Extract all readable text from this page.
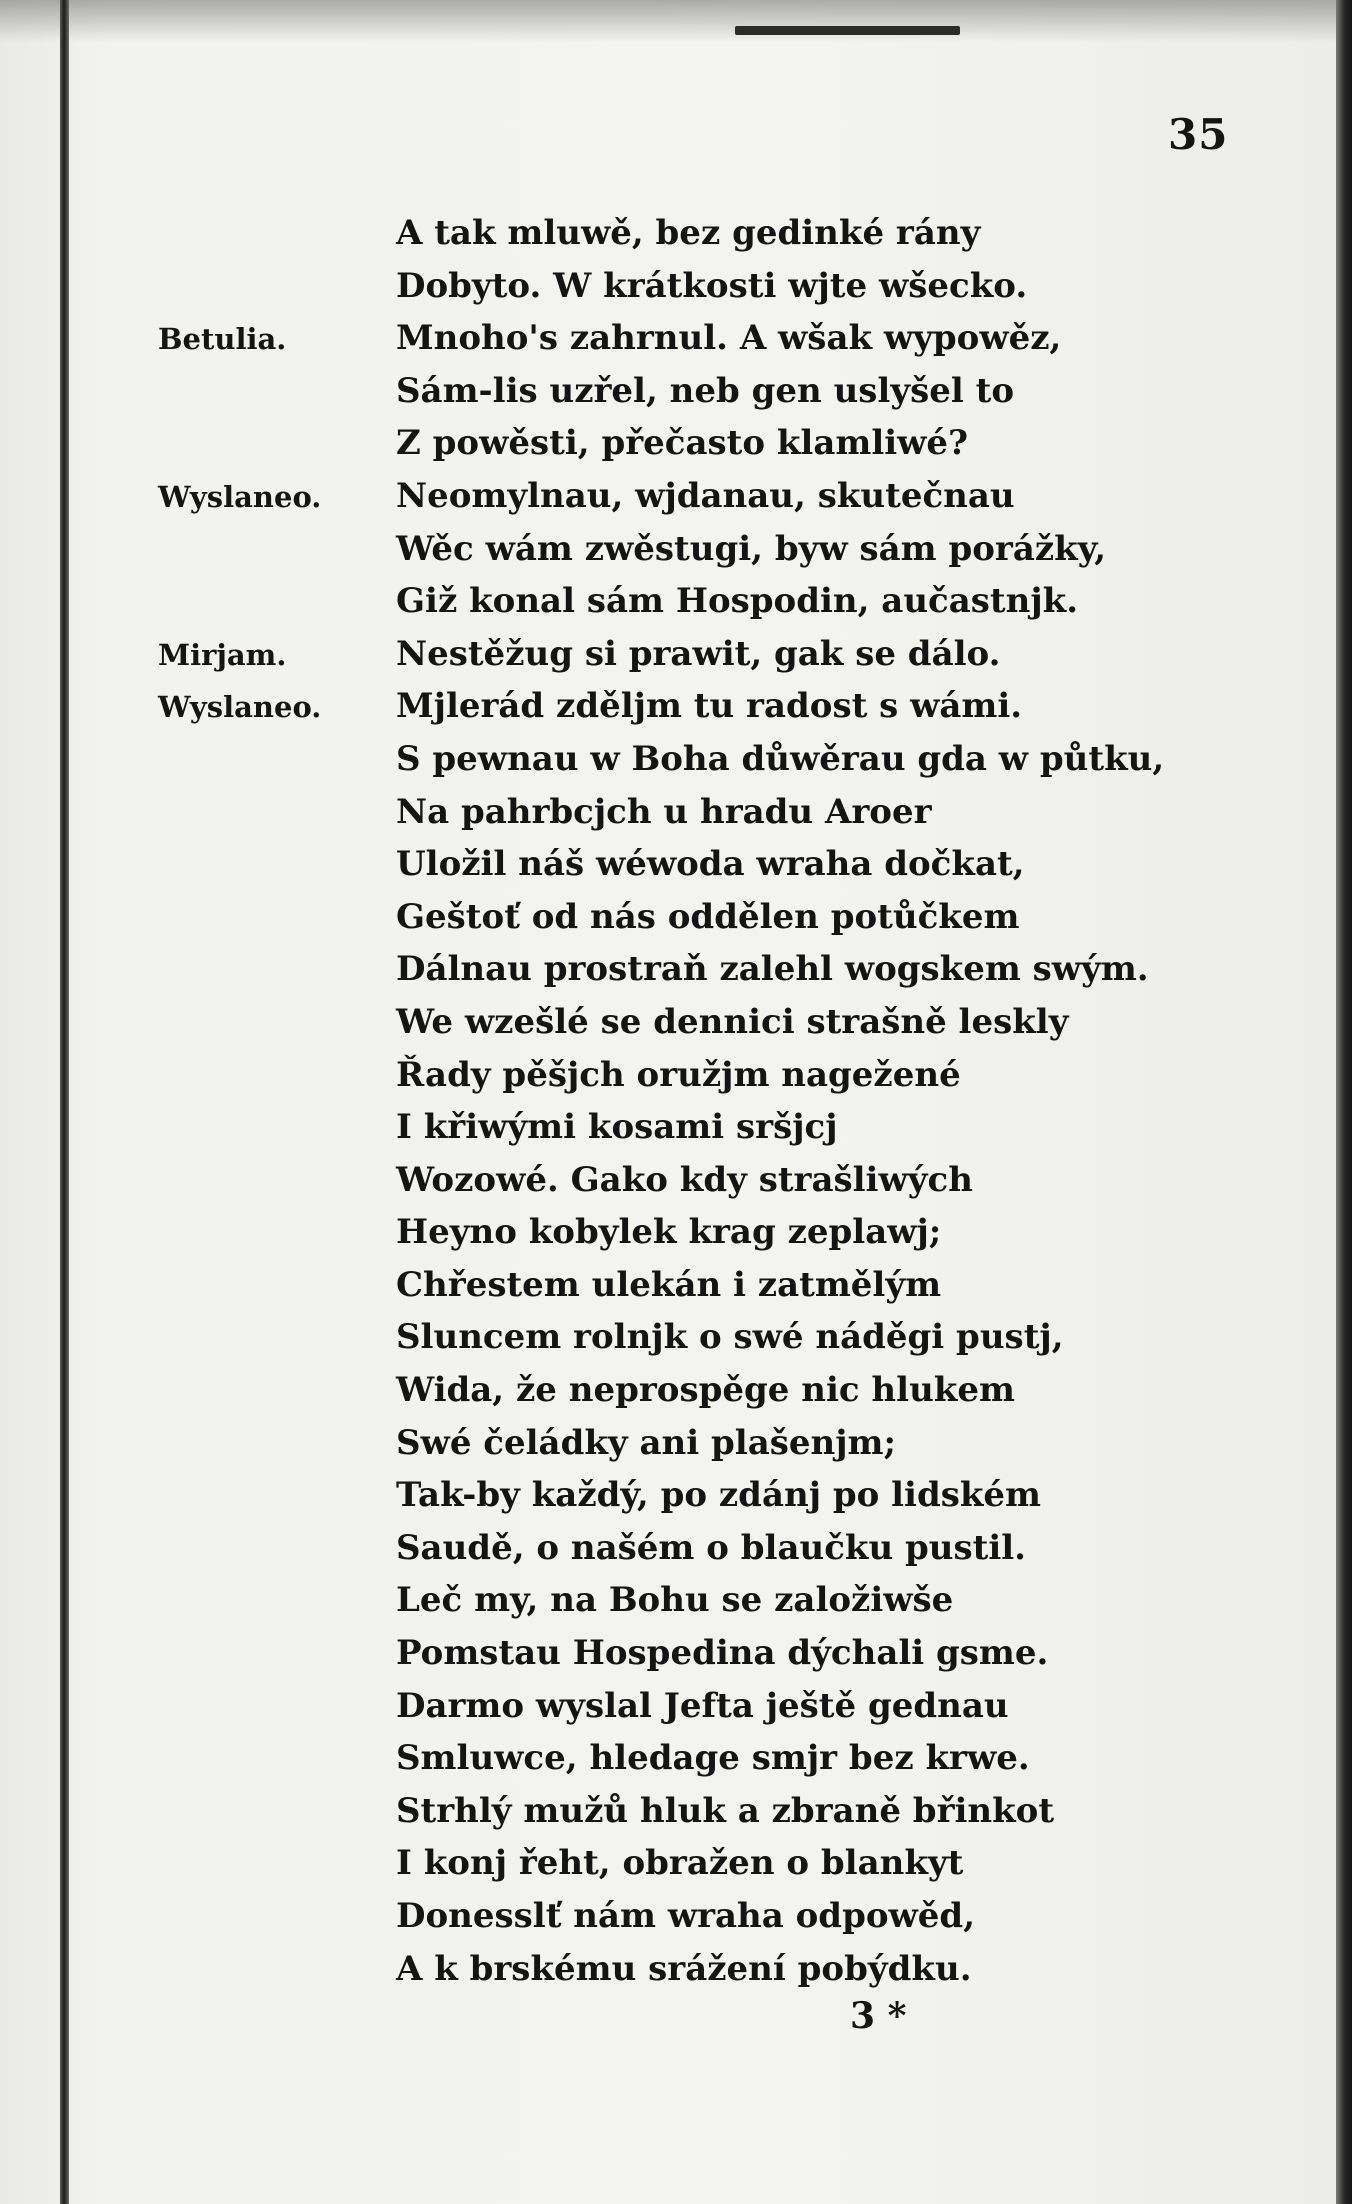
35
Betulia.
Wyslaneo.
Mirjam.
Wyslaneo.
A tak mluwě, bez gedinké rány
Dobyto. W krátkosti wjte wšecko.
Mnoho's zahrnul. A wšak wypowěz,
Sám-lis uzřel, neb gen uslyšel to
Z powěsti, přečasto klamliwé?
Neomylnau, wjdanau, skutečnau
Wěc wám zwěstugi, byw sám porážky,
Giž konal sám Hospodin, aučastnjk.
Nestěžug si prawit, gak se dálo.
Mjlerád zděljm tu radost s wámi.
S pewnau w Boha důwěrau gda w půtku,
Na pahrbcjch u hradu Aroer
Uložil náš wéwoda wraha dočkat,
Geštoť od nás oddělen potůčkem
Dálnau prostraň zalehl wogskem swým.
We wzešlé se dennici strašně leskly
Řady pěšjch oružjm nagežené
I křiwými kosami sršjcj
Wozowé. Gako kdy strašliwých
Heyno kobylek krag zeplawj;
Chřestem ulekán i zatmělým
Sluncem rolnjk o swé náděgi pustj,
Wida, že neprospěge nic hlukem
Swé čeládky ani plašenjm;
Tak-by každý, po zdánj po lidském
Saudě, o našém o blaučku pustil.
Leč my, na Bohu se založiwše
Pomstau Hospedina dýchali gsme.
Darmo wyslal Jefta ještě gednau
Smluwce, hledage smjr bez krwe.
Strhlý mužů hluk a zbraně břinkot
I konj řeht, obražen o blankyt
Donesslť nám wraha odpowěd,
A k brskému srážení pobýdku.
3 *
